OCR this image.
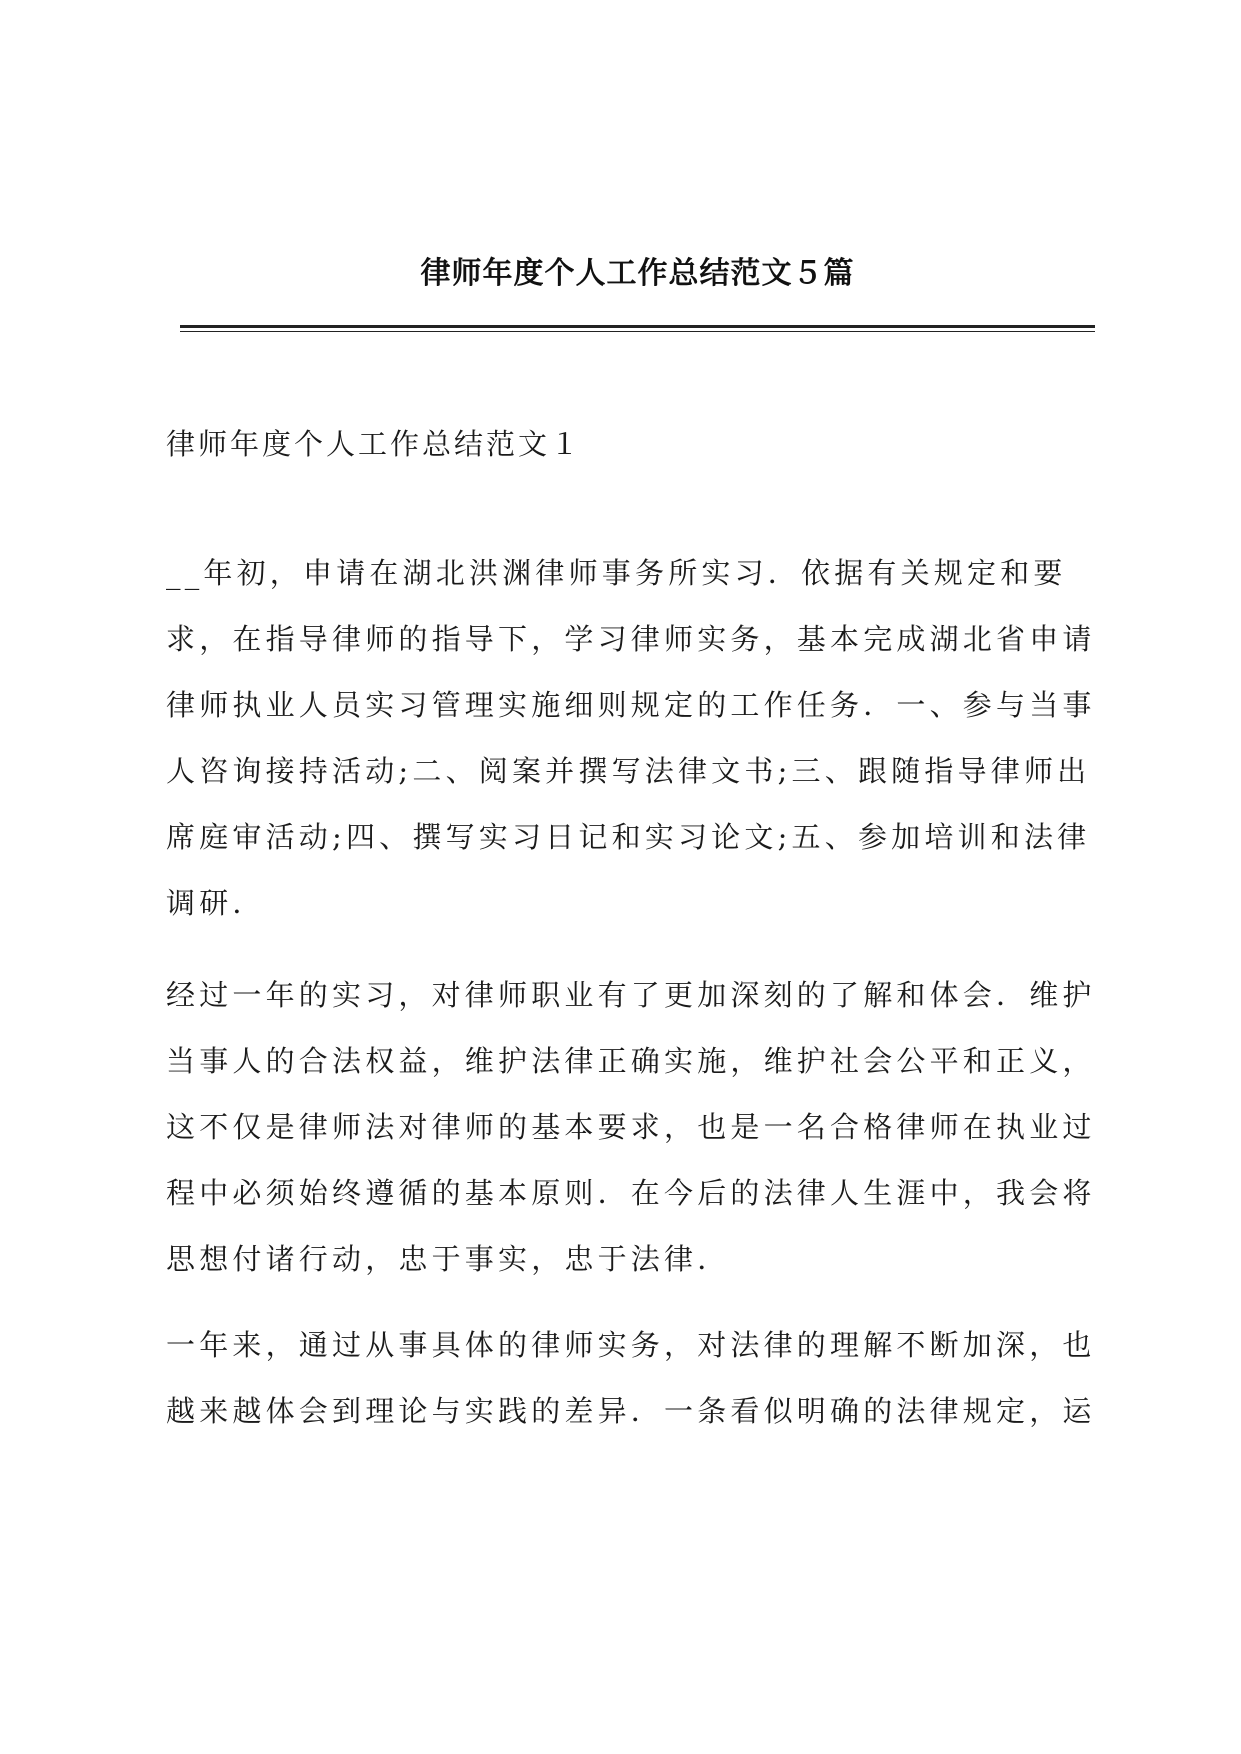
律师年度个人工作总结范文５篇
律师年度个人工作总结范文１
__年初，申请在湖北洪渊律师事务所实习．依据有关规定和要
求，在指导律师的指导下，学习律师实务，基本完成湖北省申请
律师执业人员实习管理实施细则规定的工作任务．一、参与当事
人咨询接持活动;二、阅案并撰写法律文书;三、跟随指导律师出
席庭审活动;四、撰写实习日记和实习论文;五、参加培训和法律
调研．
经过一年的实习，对律师职业有了更加深刻的了解和体会．维护
当事人的合法权益，维护法律正确实施，维护社会公平和正义，
这不仅是律师法对律师的基本要求，也是一名合格律师在执业过
程中必须始终遵循的基本原则．在今后的法律人生涯中，我会将
思想付诸行动，忠于事实，忠于法律．
一年来，通过从事具体的律师实务，对法律的理解不断加深，也
越来越体会到理论与实践的差异．一条看似明确的法律规定，运
